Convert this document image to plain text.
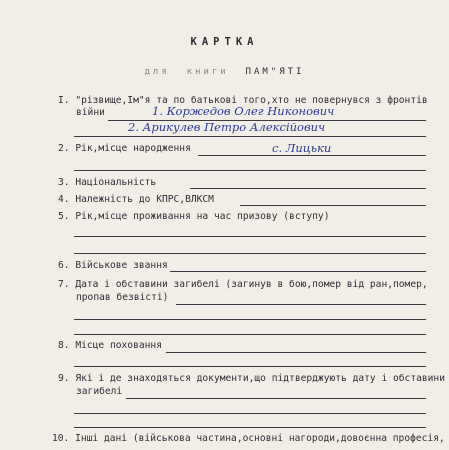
КАРТКА
для книги ПАМ"ЯТІ
I. "різвище,Ім"я та по батькові того,хто не повернувся з фронтів
війни	1. Коржедов Олег Никонович
2. Арикулев Петро Алексійович
2. Рік,місце народження	с. Лицьки
3. Національність
4. Належність до КПРС,ВЛКСМ
5. Рік,місце проживання на час призову (вступу)
6. Військове звання
7. Дата і обставини загибелі (загинув в бою,помер від ран,помер,
пропав безвісті)
8. Місце поховання
9. Які і де знаходяться документи,що підтверджують дату і обставини
загибелі
10. Інші дані (військова частина,основні нагороди,довоєнна професія,
